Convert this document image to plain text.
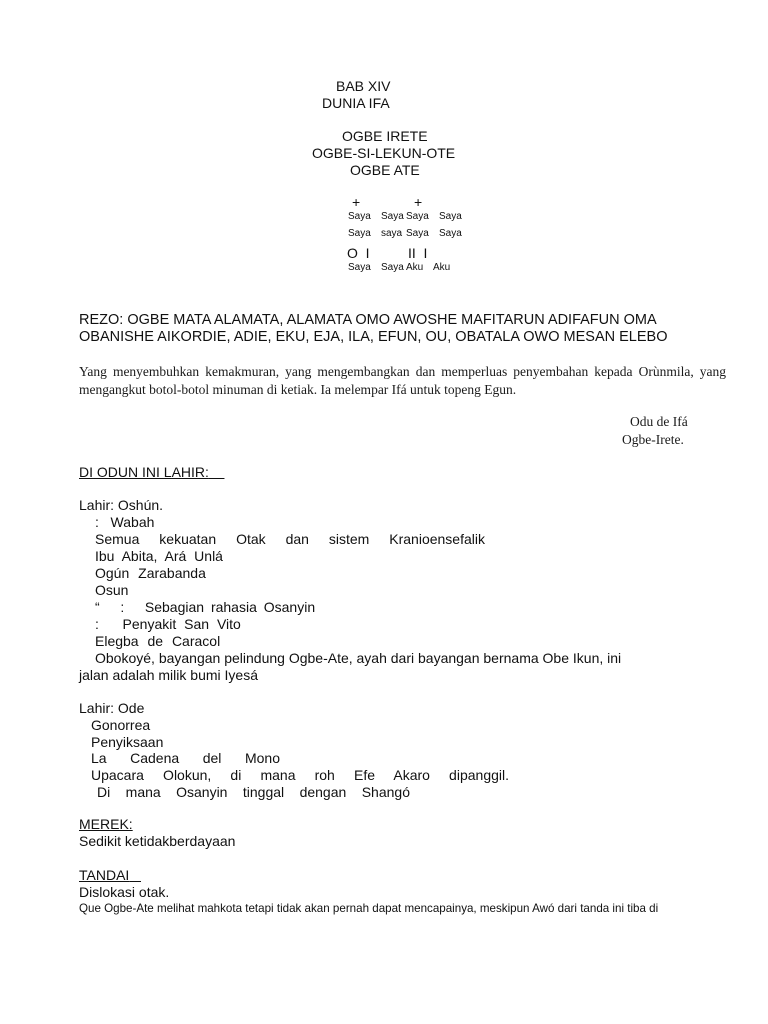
BAB XIV
DUNIA IFA
OGBE IRETE
OGBE-SI-LEKUN-OTE
OGBE ATE
+	+
Saya Saya Saya Saya
Saya saya Saya Saya
O  I	II  I
Saya Saya Aku Aku
REZO: OGBE MATA ALAMATA, ALAMATA OMO AWOSHE MAFITARUN ADIFAFUN OMA
OBANISHE AIKORDIE, ADIE, EKU, EJA, ILA, EFUN, OU, OBATALA OWO MESAN ELEBO
Yang menyembuhkan kemakmuran, yang mengembangkan dan memperluas penyembahan kepada Orùnmila, yang
mengangkut botol-botol minuman di ketiak. Ia melempar Ifá untuk topeng Egun.
Odu de Ifá
Ogbe-Irete.
DI ODUN INI LAHIR:
Lahir: Oshún.
:   Wabah
Semua kekuatan Otak dan sistem Kranioensefalik
Ibu Abita, Ará Unlá
Ogún Zarabanda
Osun
“   :   Sebagian rahasia Osanyin
:   Penyakit San Vito
Elegba de Caracol
Obokoyé, bayangan pelindung Ogbe-Ate, ayah dari bayangan bernama Obe Ikun, ini
jalan adalah milik bumi Iyesá
Lahir: Ode
Gonorrea
Penyiksaan
La Cadena del Mono
Upacara Olokun, di mana roh Efe Akaro dipanggil.
Di mana Osanyin tinggal dengan Shangó
MEREK:
Sedikit ketidakberdayaan
TANDAI
Dislokasi otak.
Que Ogbe-Ate melihat mahkota tetapi tidak akan pernah dapat mencapainya, meskipun Awó dari tanda ini tiba di
